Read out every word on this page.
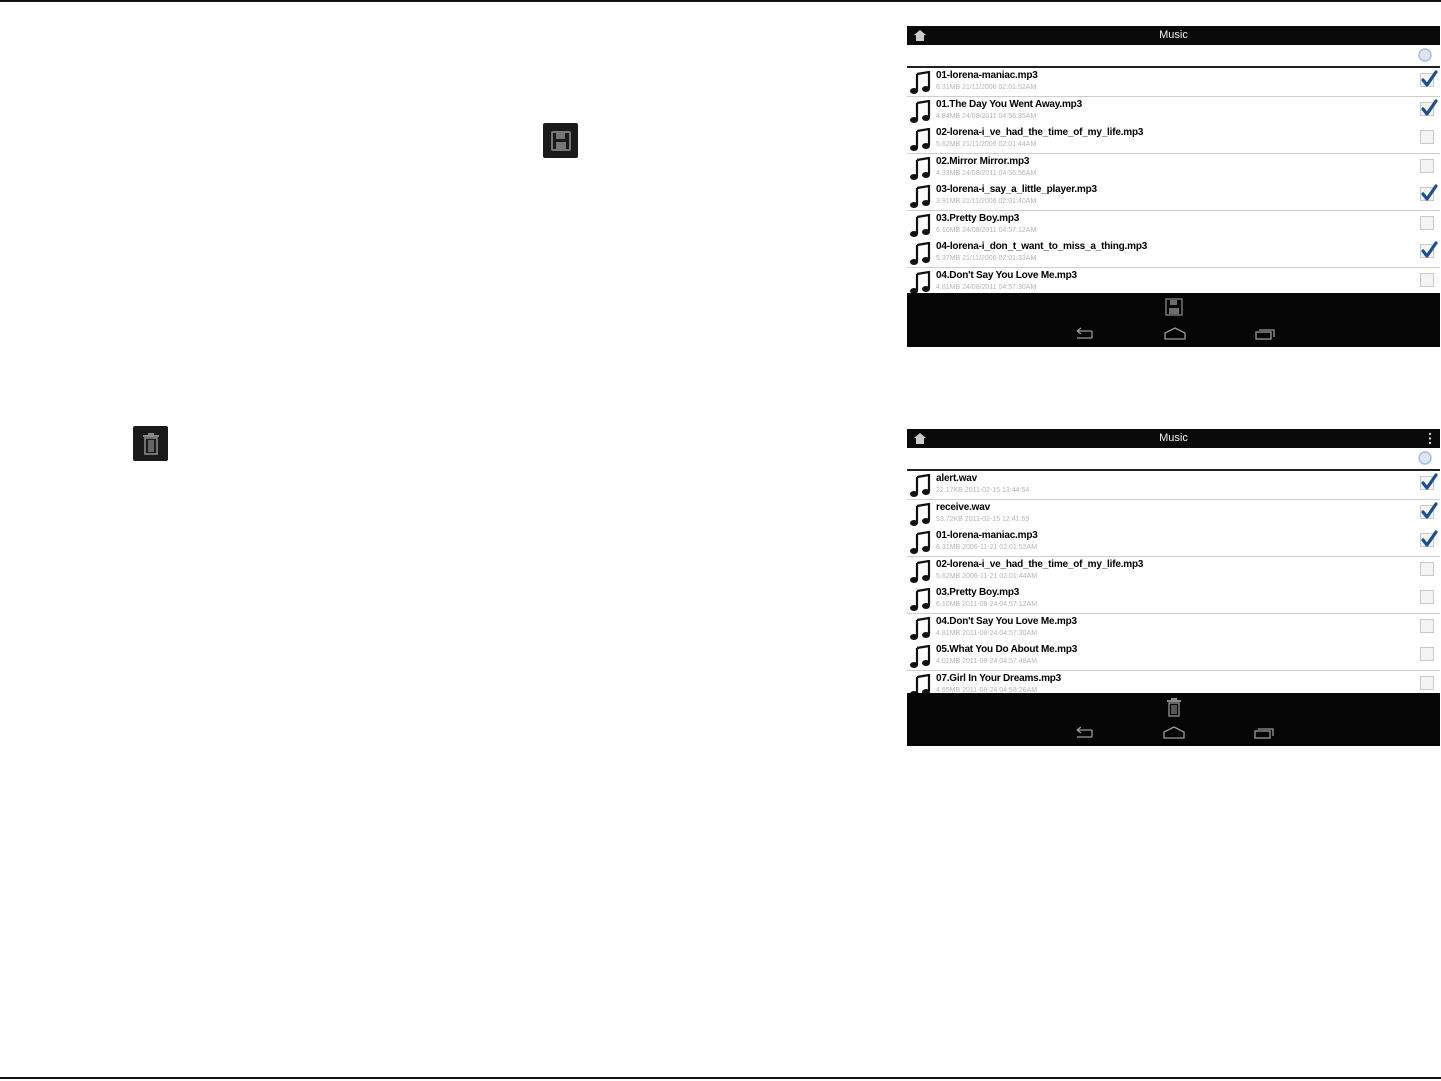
Music
01-lorena-maniac.mp3
6.31MB 21/11/2006 02:01:52AM
01.The Day You Went Away.mp3
4.84MB 24/08/2011 04:56:35AM
02-lorena-i_ve_had_the_time_of_my_life.mp3
5.62MB 21/11/2006 02:01:44AM
02.Mirror Mirror.mp3
4.33MB 24/08/2011 04:56:56AM
03-lorena-i_say_a_little_player.mp3
3.91MB 21/11/2006 02:01:40AM
03.Pretty Boy.mp3
6.10MB 24/08/2011 04:57:12AM
04-lorena-i_don_t_want_to_miss_a_thing.mp3
5.37MB 21/11/2006 02:01:33AM
04.Don't Say You Love Me.mp3
4.81MB 24/08/2011 04:57:30AM
Music
alert.wav
22.17KB 2011-02-15 13:44:54
receive.wav
53.72KB 2011-02-15 12:41:59
01-lorena-maniac.mp3
6.31MB 2006-11-21 02:01:52AM
02-lorena-i_ve_had_the_time_of_my_life.mp3
5.62MB 2006-11-21 02:01:44AM
03.Pretty Boy.mp3
6.10MB 2011-08-24 04:57:12AM
04.Don't Say You Love Me.mp3
4.81MB 2011-08-24 04:57:30AM
05.What You Do About Me.mp3
4.01MB 2011-08-24 04:57:48AM
07.Girl In Your Dreams.mp3
4.65MB 2011-08-24 04:58:26AM
